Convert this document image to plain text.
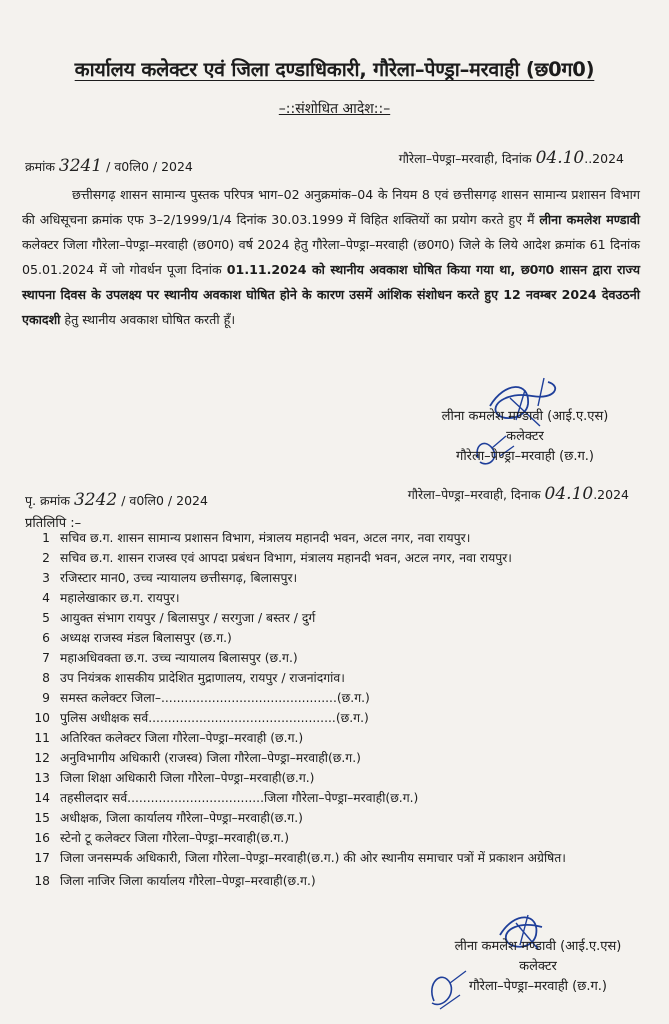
कार्यालय कलेक्टर एवं जिला दण्डाधिकारी, गौरेला–पेण्ड्रा–मरवाही (छ0ग0)
–::संशोधित आदेश::–
क्रमांक 3241 / व0लि0 / 2024
गौरेला–पेण्ड्रा–मरवाही, दिनांक 04.10..2024
छत्तीसगढ़ शासन सामान्य पुस्तक परिपत्र भाग–02 अनुक्रमांक–04 के नियम 8 एवं छत्तीसगढ़ शासन सामान्य प्रशासन विभाग की अधिसूचना क्रमांक एफ 3–2/1999/1/4 दिनांक 30.03.1999 में विहित शक्तियों का प्रयोग करते हुए मैं लीना कमलेश मण्डावी कलेक्टर जिला गौरेला–पेण्ड्रा–मरवाही (छ0ग0) वर्ष 2024 हेतु गौरेला–पेण्ड्रा–मरवाही (छ0ग0) जिले के लिये आदेश क्रमांक 61 दिनांक 05.01.2024 में जो गोवर्धन पूजा दिनांक 01.11.2024 को स्थानीय अवकाश घोषित किया गया था, छ0ग0 शासन द्वारा राज्य स्थापना दिवस के उपलक्ष्य पर स्थानीय अवकाश घोषित होने के कारण उसमें आंशिक संशोधन करते हुए 12 नवम्बर 2024 देवउठनी एकादशी हेतु स्थानीय अवकाश घोषित करती हूँ।
लीना कमलेश मण्डावी (आई.ए.एस)
कलेक्टर
गौरेला–पेण्ड्रा–मरवाही (छ.ग.)
पृ. क्रमांक 3242 / व0लि0 / 2024	गौरेला–पेण्ड्रा–मरवाही, दिनाक 04.10.2024
प्रतिलिपि :–
1 सचिव छ.ग. शासन सामान्य प्रशासन विभाग, मंत्रालय महानदी भवन, अटल नगर, नवा रायपुर।
2 सचिव छ.ग. शासन राजस्व एवं आपदा प्रबंधन विभाग, मंत्रालय महानदी भवन, अटल नगर, नवा रायपुर।
3 रजिस्टार मान0, उच्च न्यायालय छत्तीसगढ़, बिलासपुर।
4 महालेखाकार छ.ग. रायपुर।
5 आयुक्त संभाग रायपुर / बिलासपुर / सरगुजा / बस्तर / दुर्ग
6 अध्यक्ष राजस्व मंडल बिलासपुर (छ.ग.)
7 महाअधिवक्ता छ.ग. उच्च न्यायालय बिलासपुर (छ.ग.)
8 उप नियंत्रक शासकीय प्रादेशित मुद्राणालय, रायपुर / राजनांदगांव।
9 समस्त कलेक्टर जिला–.............................................(छ.ग.)
10 पुलिस अधीक्षक सर्व................................................(छ.ग.)
11 अतिरिक्त कलेक्टर जिला गौरेला–पेण्ड्रा–मरवाही (छ.ग.)
12 अनुविभागीय अधिकारी (राजस्व) जिला गौरेला–पेण्ड्रा–मरवाही(छ.ग.)
13 जिला शिक्षा अधिकारी जिला गौरेला–पेण्ड्रा–मरवाही(छ.ग.)
14 तहसीलदार सर्व...................................जिला गौरेला–पेण्ड्रा–मरवाही(छ.ग.)
15 अधीक्षक, जिला कार्यालय गौरेला–पेण्ड्रा–मरवाही(छ.ग.)
16 स्टेनो टू कलेक्टर जिला गौरेला–पेण्ड्रा–मरवाही(छ.ग.)
17 जिला जनसम्पर्क अधिकारी, जिला गौरेला–पेण्ड्रा–मरवाही(छ.ग.) की ओर स्थानीय समाचार पत्रों में प्रकाशन अग्रेषित।
18 जिला नाजिर जिला कार्यालय गौरेला–पेण्ड्रा–मरवाही(छ.ग.)
लीना कमलेश मण्डावी (आई.ए.एस)
कलेक्टर
गौरेला–पेण्ड्रा–मरवाही (छ.ग.)
